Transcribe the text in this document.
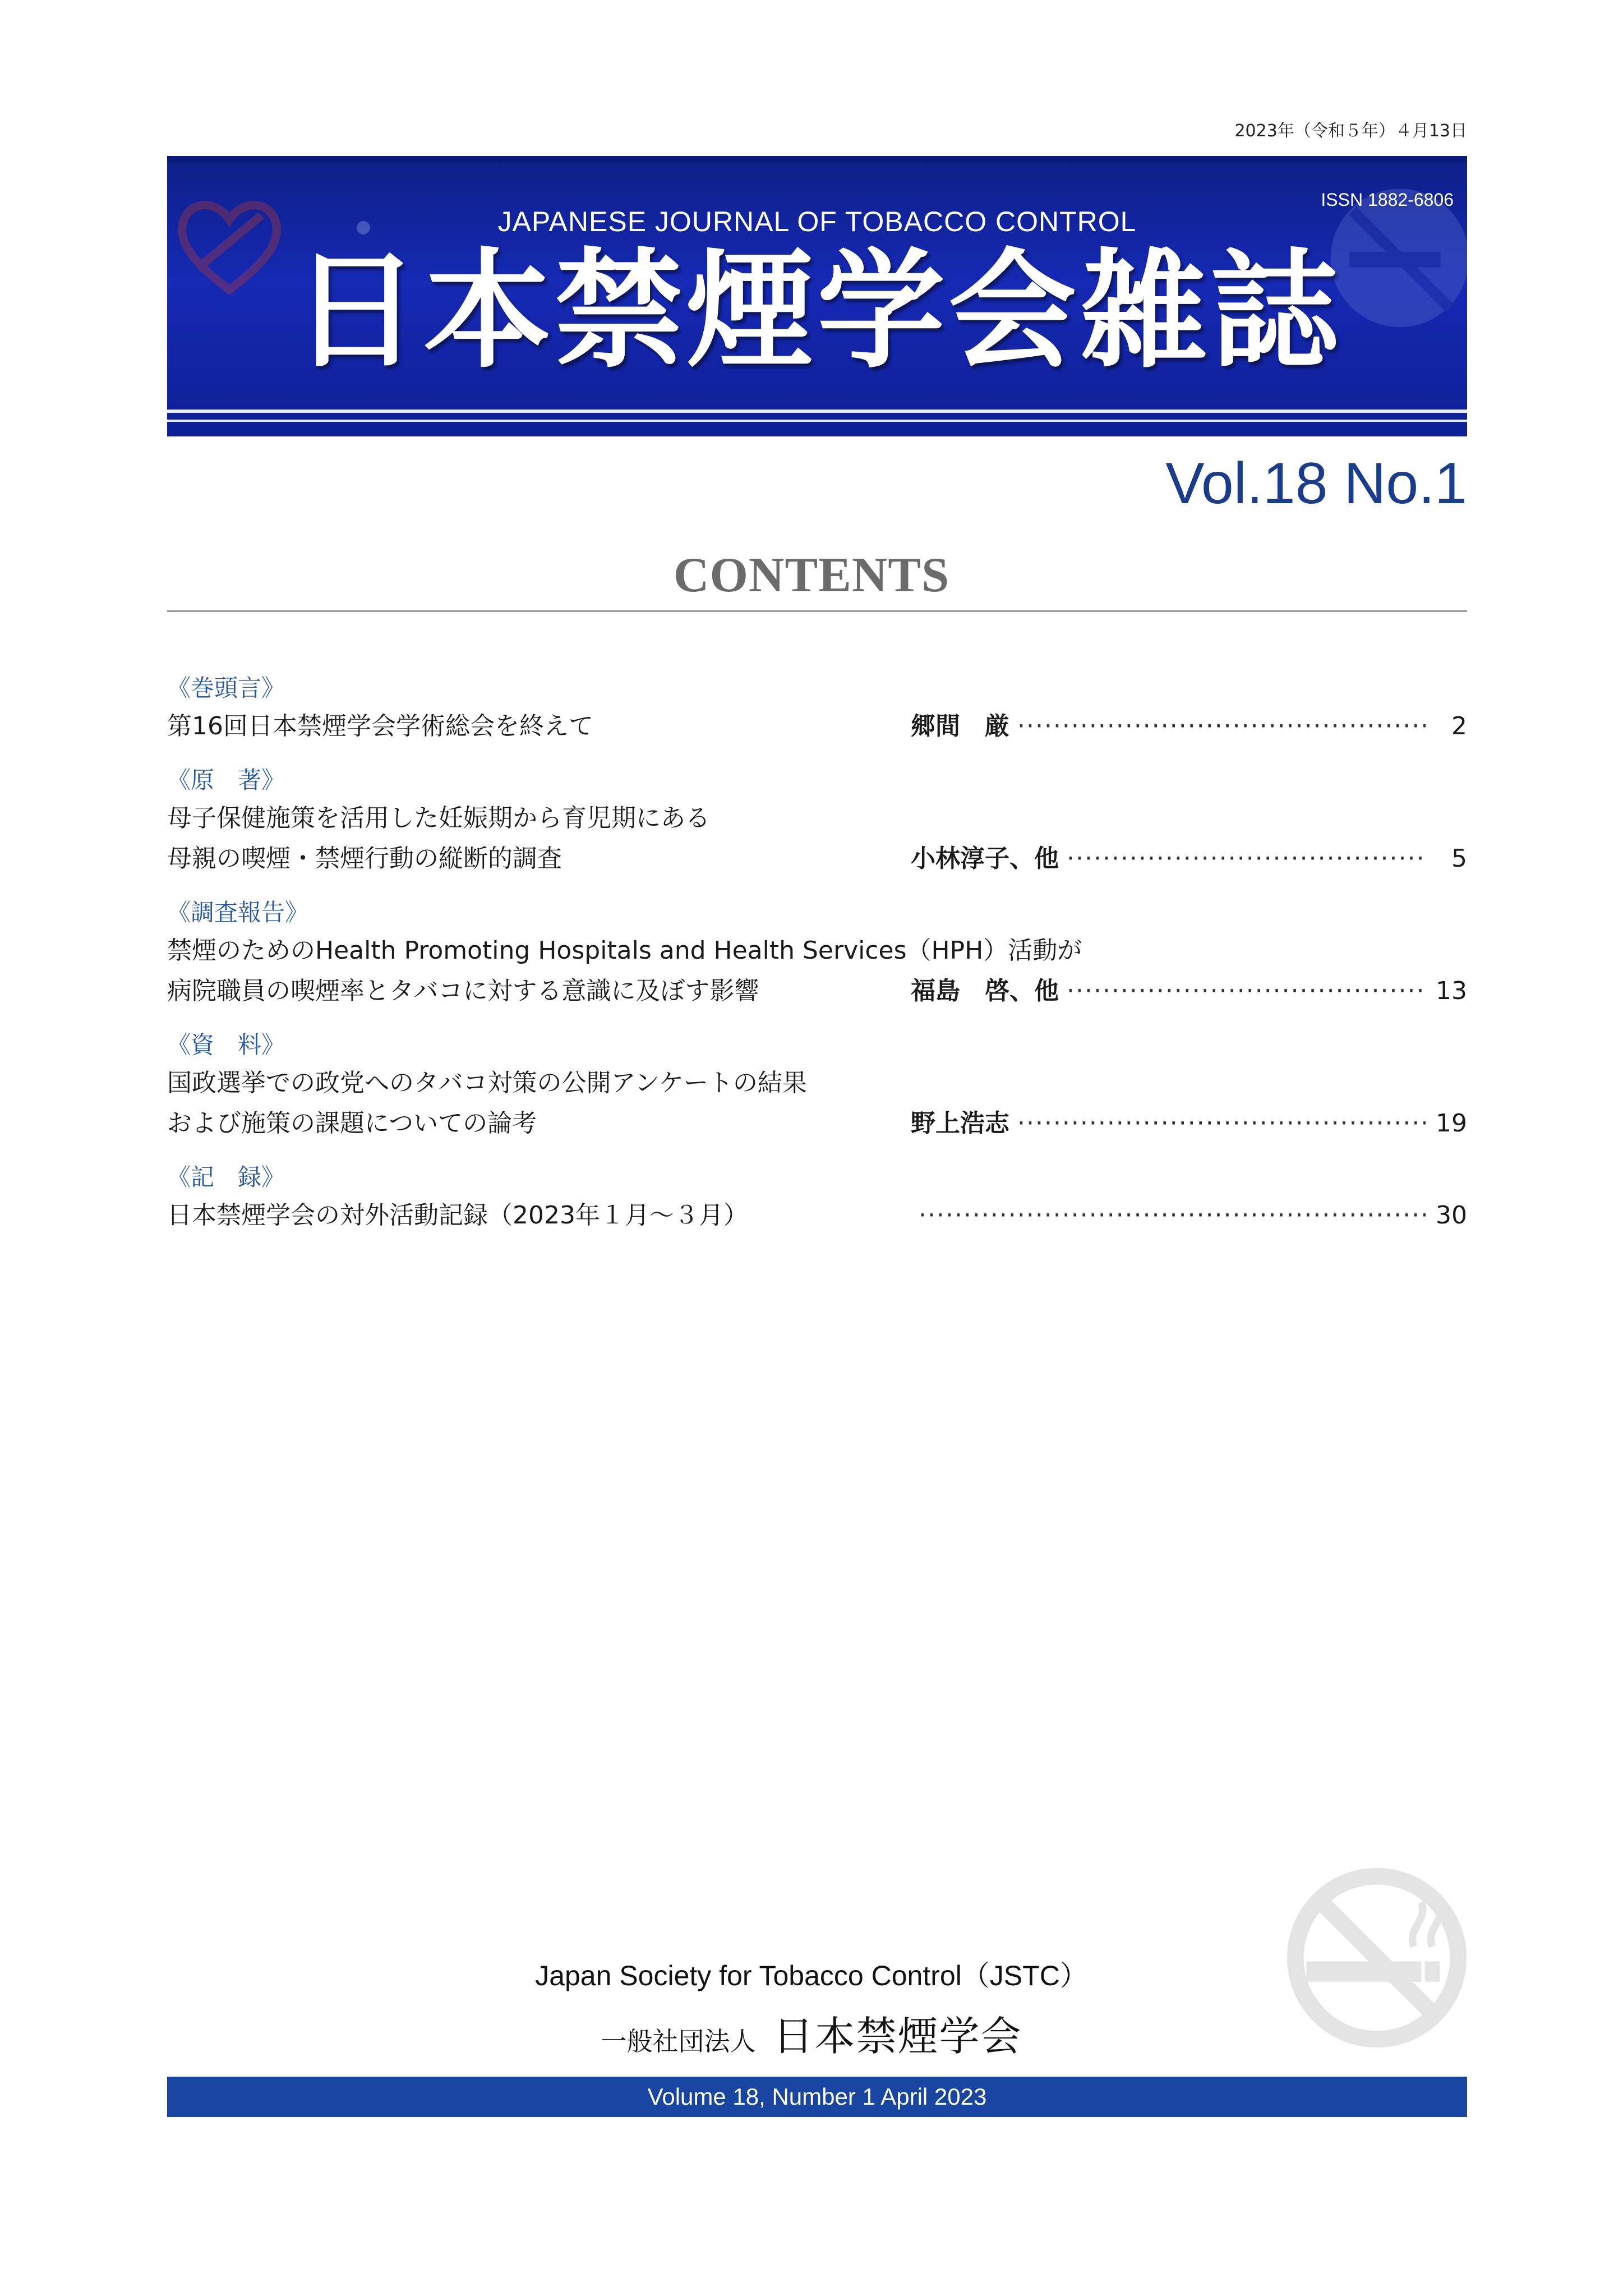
2023年（令和５年）４月13日
ISSN 1882-6806
JAPANESE JOURNAL OF TOBACCO CONTROL
日本禁煙学会雑誌
Vol.18 No.1
CONTENTS
《巻頭言》
第16回日本禁煙学会学術総会を終えて	郷間　厳 ·····	2
《原　著》
母子保健施策を活用した妊娠期から育児期にある
母親の喫煙・禁煙行動の縦断的調査	小林淳子、他 ·····	5
《調査報告》
禁煙のためのHealth Promoting Hospitals and Health Services（HPH）活動が
病院職員の喫煙率とタバコに対する意識に及ぼす影響	福島　啓、他 ·····	13
《資　料》
国政選挙での政党へのタバコ対策の公開アンケートの結果
および施策の課題についての論考	野上浩志 ·····	19
《記　録》
日本禁煙学会の対外活動記録（2023年１月～３月） ·····	30
Japan Society for Tobacco Control（JSTC）
一般社団法人 日本禁煙学会
Volume 18, Number 1 April 2023
